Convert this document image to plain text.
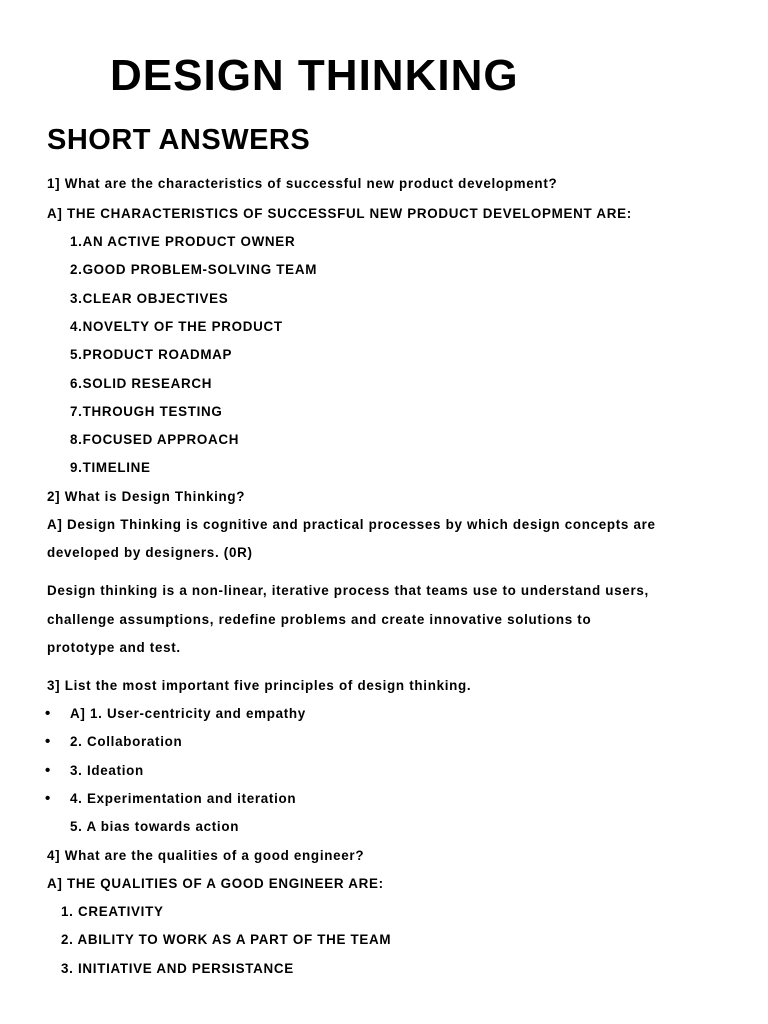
DESIGN THINKING
SHORT ANSWERS
1] What are the characteristics of successful new product development?
A] THE CHARACTERISTICS OF SUCCESSFUL NEW PRODUCT DEVELOPMENT ARE:
1.AN ACTIVE PRODUCT OWNER
2.GOOD PROBLEM-SOLVING TEAM
3.CLEAR OBJECTIVES
4.NOVELTY OF THE PRODUCT
5.PRODUCT ROADMAP
6.SOLID RESEARCH
7.THROUGH TESTING
8.FOCUSED APPROACH
9.TIMELINE
2] What is Design Thinking?
A] Design Thinking is cognitive and practical processes by which design concepts are
developed by designers. (0R)
Design thinking is a non-linear, iterative process that teams use to understand users,
challenge assumptions, redefine problems and create innovative solutions to
prototype and test.
3] List the most important five principles of design thinking.
• A] 1. User-centricity and empathy
• 2. Collaboration
• 3. Ideation
• 4. Experimentation and iteration
5. A bias towards action
4] What are the qualities of a good engineer?
A] THE QUALITIES OF A GOOD ENGINEER ARE:
1. CREATIVITY
2. ABILITY TO WORK AS A PART OF THE TEAM
3. INITIATIVE AND PERSISTANCE
